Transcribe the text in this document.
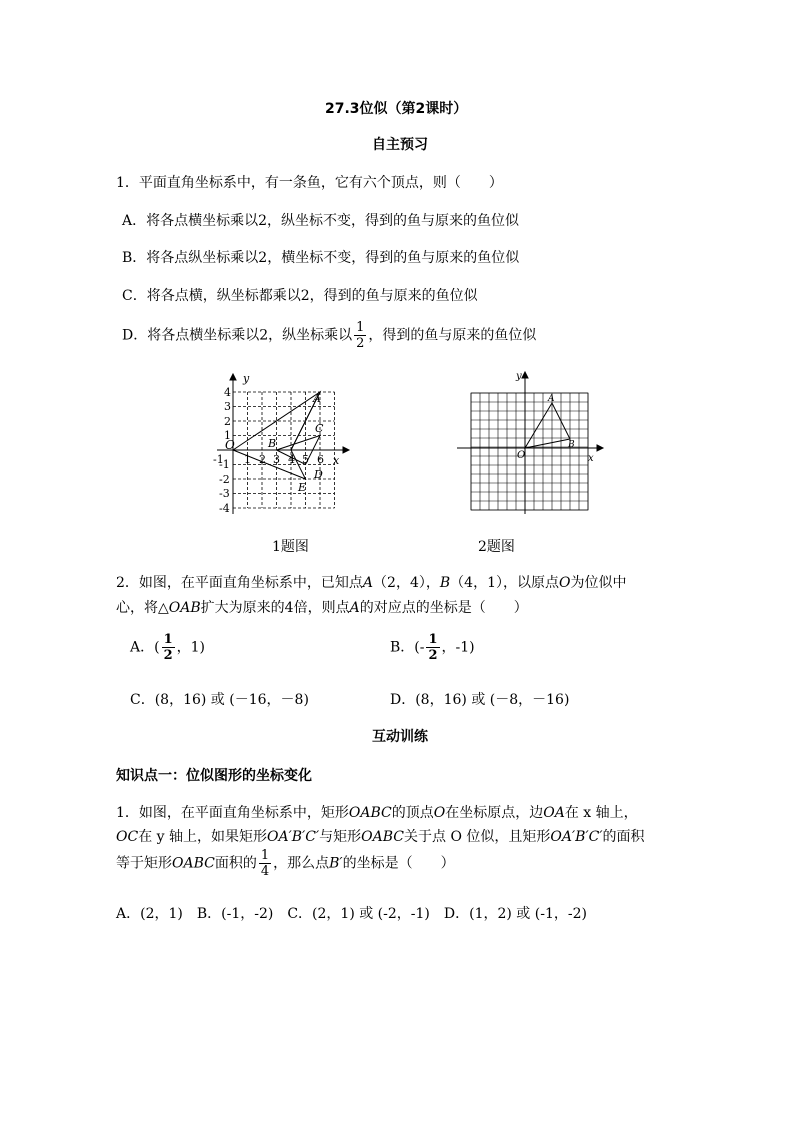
27.3位似（第2课时）
自主预习
1．平面直角坐标系中，有一条鱼，它有六个顶点，则（　　）
A．将各点横坐标乘以2，纵坐标不变，得到的鱼与原来的鱼位似
B．将各点纵坐标乘以2，横坐标不变，得到的鱼与原来的鱼位似
C．将各点横，纵坐标都乘以2，得到的鱼与原来的鱼位似
D．将各点横坐标乘以2，纵坐标乘以 $\frac{1}{2}$ ，得到的鱼与原来的鱼位似
y
x
O
4
3
2
1
-1
-2
-3
-4
-1 1 2 3 4 5 6
A
B
C
D
E
1题图
y
x
O
A
B
2题图
2．如图，在平面直角坐标系中，已知点A（2，4），B（4，1），以原点O为位似中
心，将△OAB扩大为原来的4倍，则点A的对应点的坐标是（　　）
A．( $\frac{1}{2}$ ，1)	B．(- $\frac{1}{2}$ ，-1)
C．(8，16) 或 (－16，－8)	D．(8，16) 或 (－8，－16)
互动训练
知识点一：位似图形的坐标变化
1．如图，在平面直角坐标系中，矩形OABC的顶点O在坐标原点，边OA在 x 轴上，
OC在 y 轴上，如果矩形OA′B′C′与矩形OABC关于点 O 位似，且矩形OA′B′C′的面积
等于矩形OABC面积的 $\frac{1}{4}$ ，那么点B′的坐标是（　　）
A．(2，1)　B．(-1，-2)　C．(2，1) 或 (-2，-1)　D．(1，2) 或 (-1，-2)
